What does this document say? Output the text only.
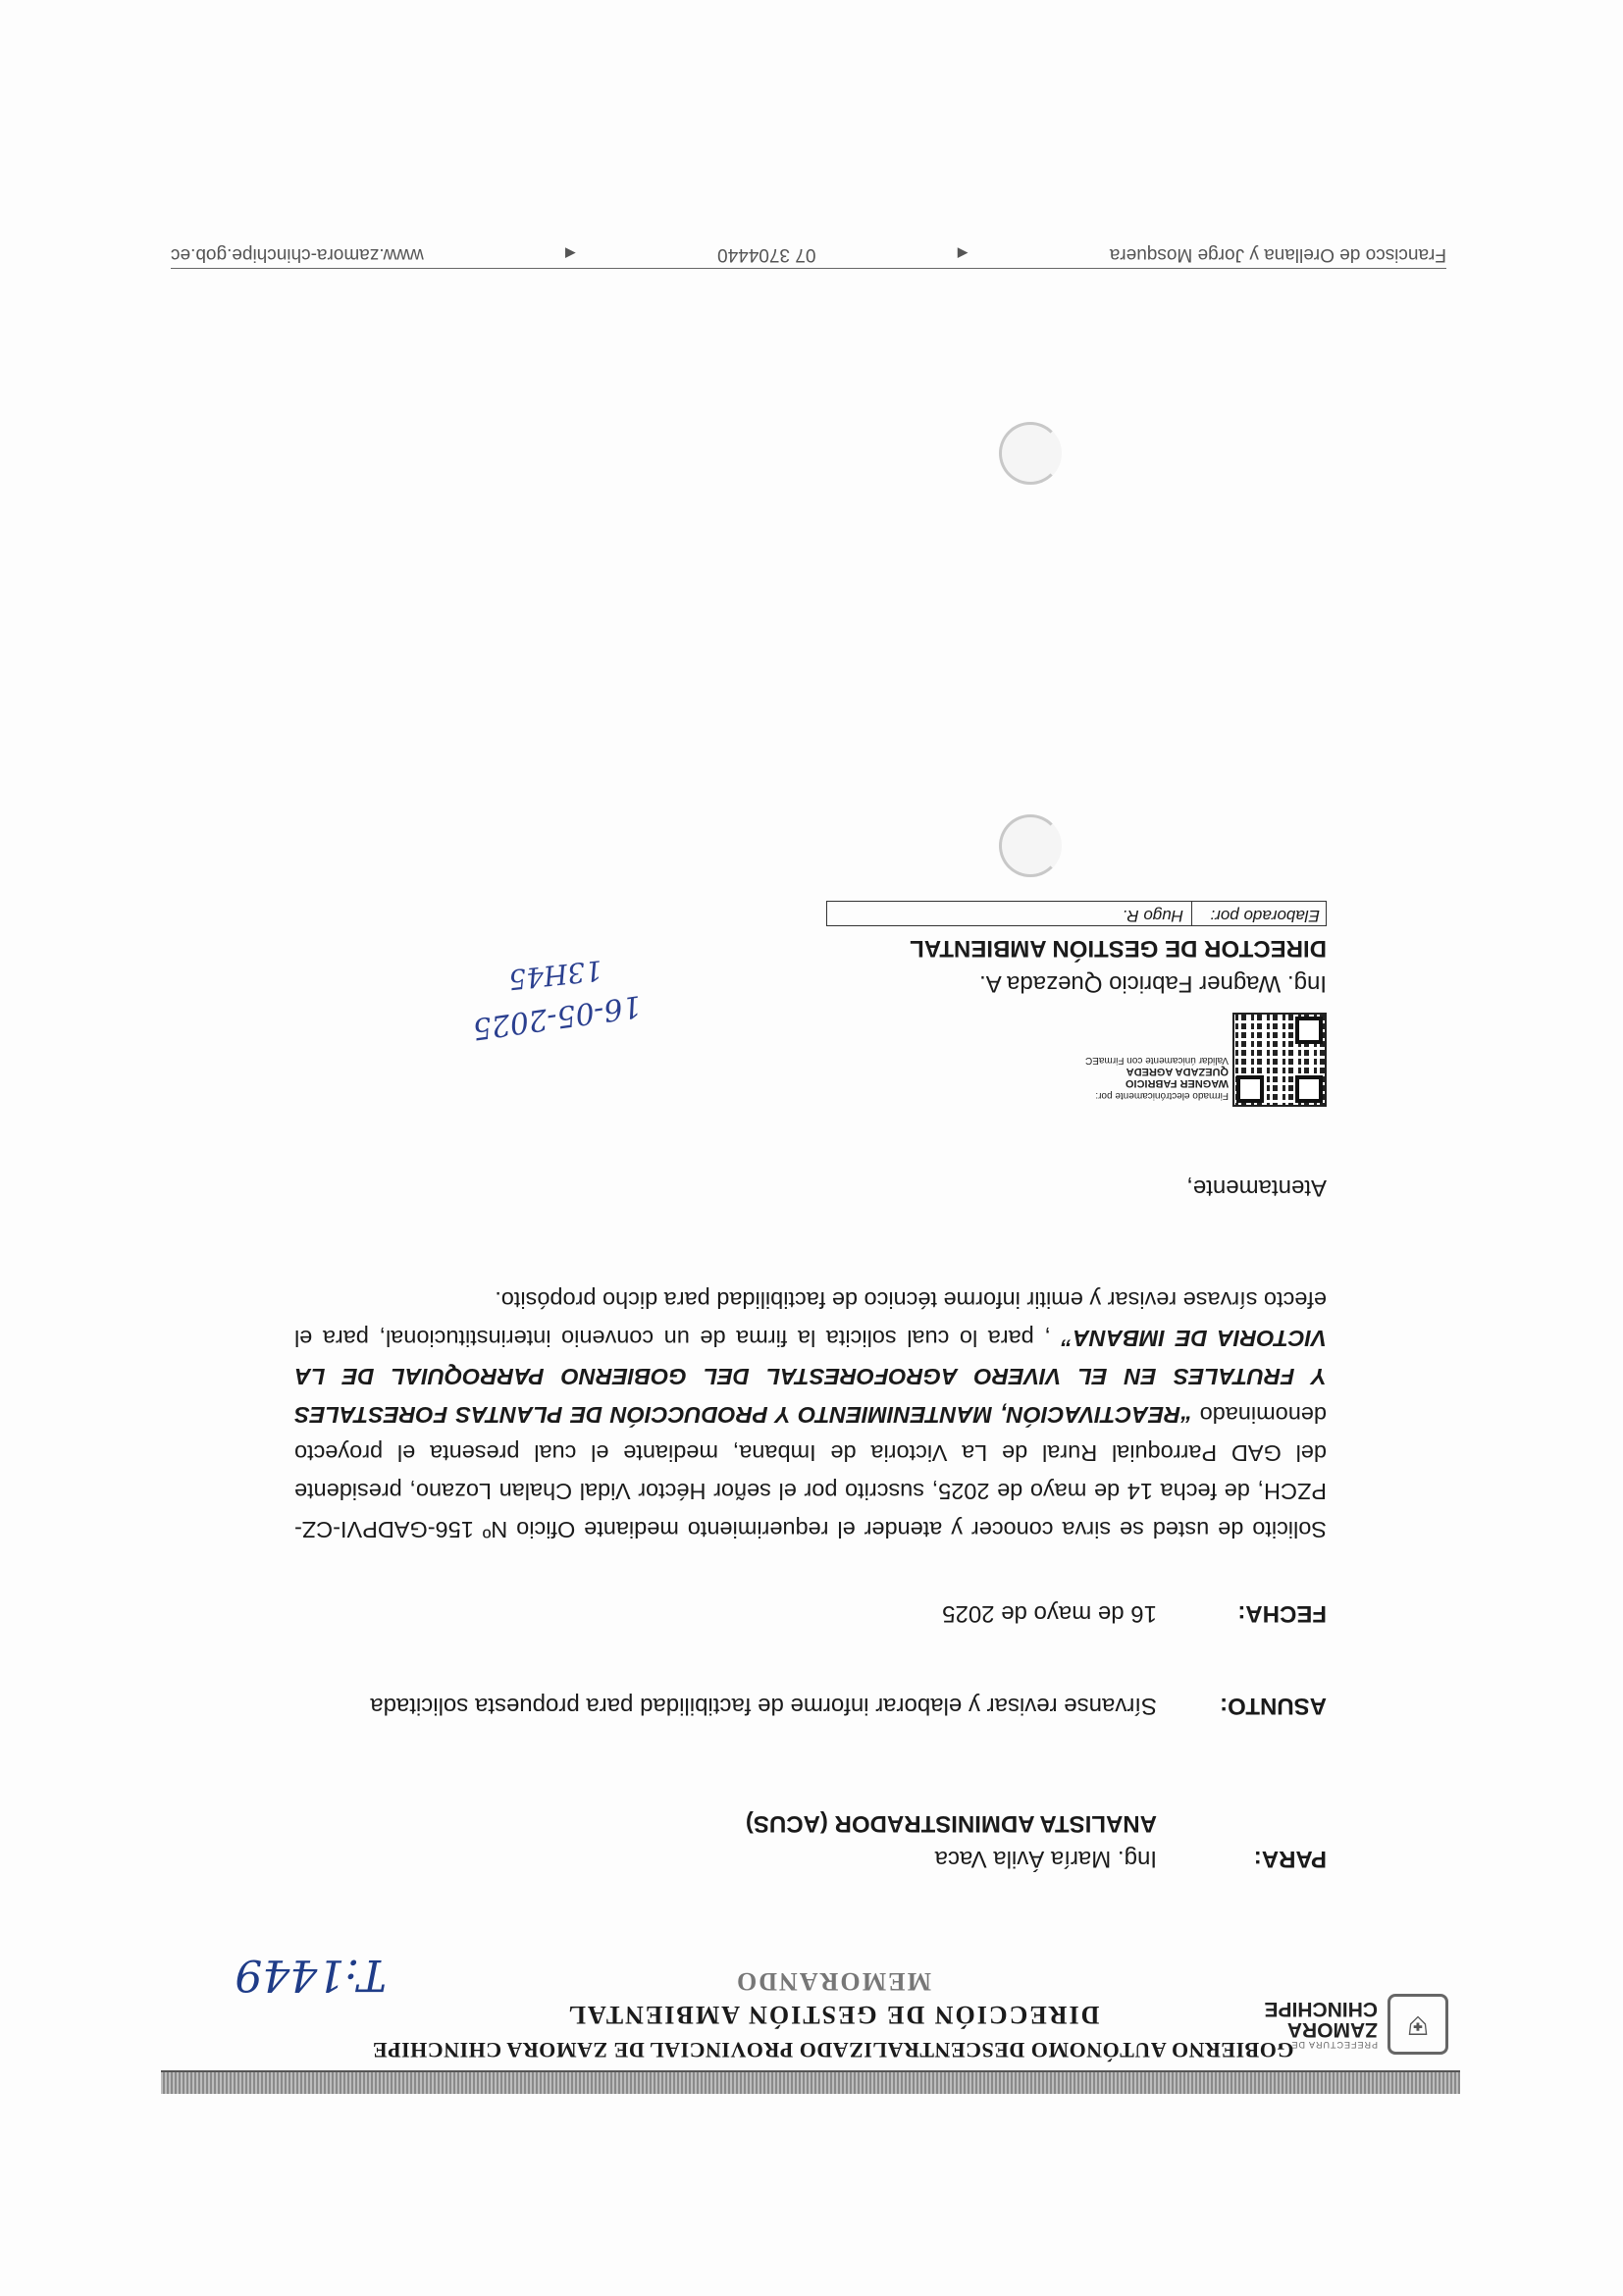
⛨
PREFECTURA DE
ZAMORA
CHINCHIPE
GOBIERNO AUTÓNOMO DESCENTRALIZADO PROVINCIAL DE ZAMORA CHINCHIPE
DIRECCIÓN DE GESTIÓN AMBIENTAL
MEMORANDO
T:1449
PARA:
Ing. María Ávila Vaca
ANALISTA ADMINISTRADOR (ACUS)
ASUNTO:
Sírvanse revisar y elaborar informe de factibilidad para propuesta solicitada
FECHA:
16 de mayo de 2025
Solicito de usted se sirva conocer y atender el requerimiento mediante Oficio Nº 156-GADPVI-CZ-PZCH, de fecha 14 de mayo de 2025, suscrito por el señor Héctor Vidal Chalan Lozano, presidente del GAD Parroquial Rural de La Victoria de Imbana, mediante el cual presenta el proyecto denominado “REACTIVACIÓN, MANTENIMIENTO Y PRODUCCIÓN DE PLANTAS FORESTALES Y FRUTALES EN EL VIVERO AGROFORESTAL DEL GOBIERNO PARROQUIAL DE LA VICTORIA DE IMBANA” , para lo cual solicita la firma de un convenio interinstitucional, para el efecto sírvase revisar y emitir informe técnico de factibilidad para dicho propósito.
Atentamente,
Firmado electrónicamente por:
WAGNER FABRICIO
QUEZADA AGREDA
Validar únicamente con FirmaEC
Ing. Wagner Fabricio Quezada A.
DIRECTOR DE GESTIÓN AMBIENTAL
Elaborado por:
Hugo R.
16-05-2025
13H45
Francisco de Orellana y Jorge Mosquera
◀
07 3704440
◀
www.zamora-chinchipe.gob.ec
